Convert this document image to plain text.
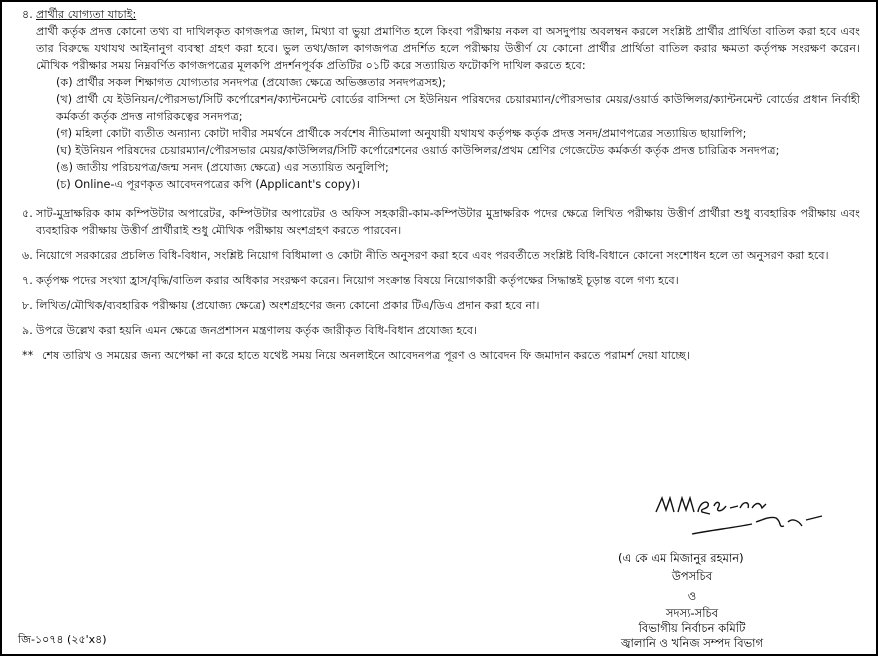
৪. প্রার্থীর যোগ্যতা যাচাই:
প্রার্থী কর্তৃক প্রদত্ত কোনো তথ্য বা দাখিলকৃত কাগজপত্র জাল, মিথ্যা বা ভুয়া প্রমাণিত হলে কিংবা পরীক্ষায় নকল বা অসদুপায় অবলম্বন করলে সংশ্লিষ্ট প্রার্থীর প্রার্থিতা বাতিল করা হবে এবং তার বিরুদ্ধে যথাযথ আইনানুগ ব্যবস্থা গ্রহণ করা হবে। ভুল তথ্য/জাল কাগজপত্র প্রদর্শিত হলে পরীক্ষায় উত্তীর্ণ যে কোনো প্রার্থীর প্রার্থিতা বাতিল করার ক্ষমতা কর্তৃপক্ষ সংরক্ষণ করেন। মৌখিক পরীক্ষার সময় নিম্নবর্ণিত কাগজপত্রের মূলকপি প্রদর্শনপূর্বক প্রতিটির ০১টি করে সত্যায়িত ফটোকপি দাখিল করতে হবে:
(ক) প্রার্থীর সকল শিক্ষাগত যোগ্যতার সনদপত্র (প্রযোজ্য ক্ষেত্রে অভিজ্ঞতার সনদপত্রসহ);
(খ) প্রার্থী যে ইউনিয়ন/পৌরসভা/সিটি কর্পোরেশন/ক্যান্টনমেন্ট বোর্ডের বাসিন্দা সে ইউনিয়ন পরিষদের চেয়ারম্যান/পৌরসভার মেয়র/ওয়ার্ড কাউন্সিলর/ক্যান্টনমেন্ট বোর্ডের প্রধান নির্বাহী কর্মকর্তা কর্তৃক প্রদত্ত নাগরিকত্বের সনদপত্র;
(গ) মহিলা কোটা ব্যতীত অন্যান্য কোটা দাবীর সমর্থনে প্রার্থীকে সর্বশেষ নীতিমালা অনুযায়ী যথাযথ কর্তৃপক্ষ কর্তৃক প্রদত্ত সনদ/প্রমাণপত্রের সত্যায়িত ছায়ালিপি;
(ঘ) ইউনিয়ন পরিষদের চেয়ারম্যান/পৌরসভার মেয়র/কাউন্সিলর/সিটি কর্পোরেশনের ওয়ার্ড কাউন্সিলর/প্রথম শ্রেণির গেজেটেড কর্মকর্তা কর্তৃক প্রদত্ত চারিত্রিক সনদপত্র;
(ঙ) জাতীয় পরিচয়পত্র/জন্ম সনদ (প্রযোজ্য ক্ষেত্রে) এর সত্যায়িত অনুলিপি;
(চ) Online-এ পূরণকৃত আবেদনপত্রের কপি (Applicant's copy)।
৫. সাট-মুদ্রাক্ষরিক কাম কম্পিউটার অপারেটর, কম্পিউটার অপারেটর ও অফিস সহকারী-কাম-কম্পিউটার মুদ্রাক্ষরিক পদের ক্ষেত্রে লিখিত পরীক্ষায় উত্তীর্ণ প্রার্থীরা শুধু ব্যবহারিক পরীক্ষায় এবং ব্যবহারিক পরীক্ষায় উত্তীর্ণ প্রার্থীরাই শুধু মৌখিক পরীক্ষায় অংশগ্রহণ করতে পারবেন।
৬. নিয়োগে সরকারের প্রচলিত বিধি-বিধান, সংশ্লিষ্ট নিয়োগ বিধিমালা ও কোটা নীতি অনুসরণ করা হবে এবং পরবর্তীতে সংশ্লিষ্ট বিধি-বিধানে কোনো সংশোধন হলে তা অনুসরণ করা হবে।
৭. কর্তৃপক্ষ পদের সংখ্যা হ্রাস/বৃদ্ধি/বাতিল করার অধিকার সংরক্ষণ করেন। নিয়োগ সংক্রান্ত বিষয়ে নিয়োগকারী কর্তৃপক্ষের সিদ্ধান্তই চূড়ান্ত বলে গণ্য হবে।
৮. লিখিত/মৌখিক/ব্যবহারিক পরীক্ষায় (প্রযোজ্য ক্ষেত্রে) অংশগ্রহণের জন্য কোনো প্রকার টিএ/ডিএ প্রদান করা হবে না।
৯. উপরে উল্লেখ করা হয়নি এমন ক্ষেত্রে জনপ্রশাসন মন্ত্রণালয় কর্তৃক জারীকৃত বিধি-বিধান প্রযোজ্য হবে।
** শেষ তারিখ ও সময়ের জন্য অপেক্ষা না করে হাতে যথেষ্ট সময় নিয়ে অনলাইনে আবেদনপত্র পূরণ ও আবেদন ফি জমাদান করতে পরামর্শ দেয়া যাচ্ছে।
(এ কে এম মিজানুর রহমান)
উপসচিব
ও
সদস্য-সচিব
বিভাগীয় নির্বাচন কমিটি
জ্বালানি ও খনিজ সম্পদ বিভাগ
জি-১০৭৪ (২৫'x৪)
